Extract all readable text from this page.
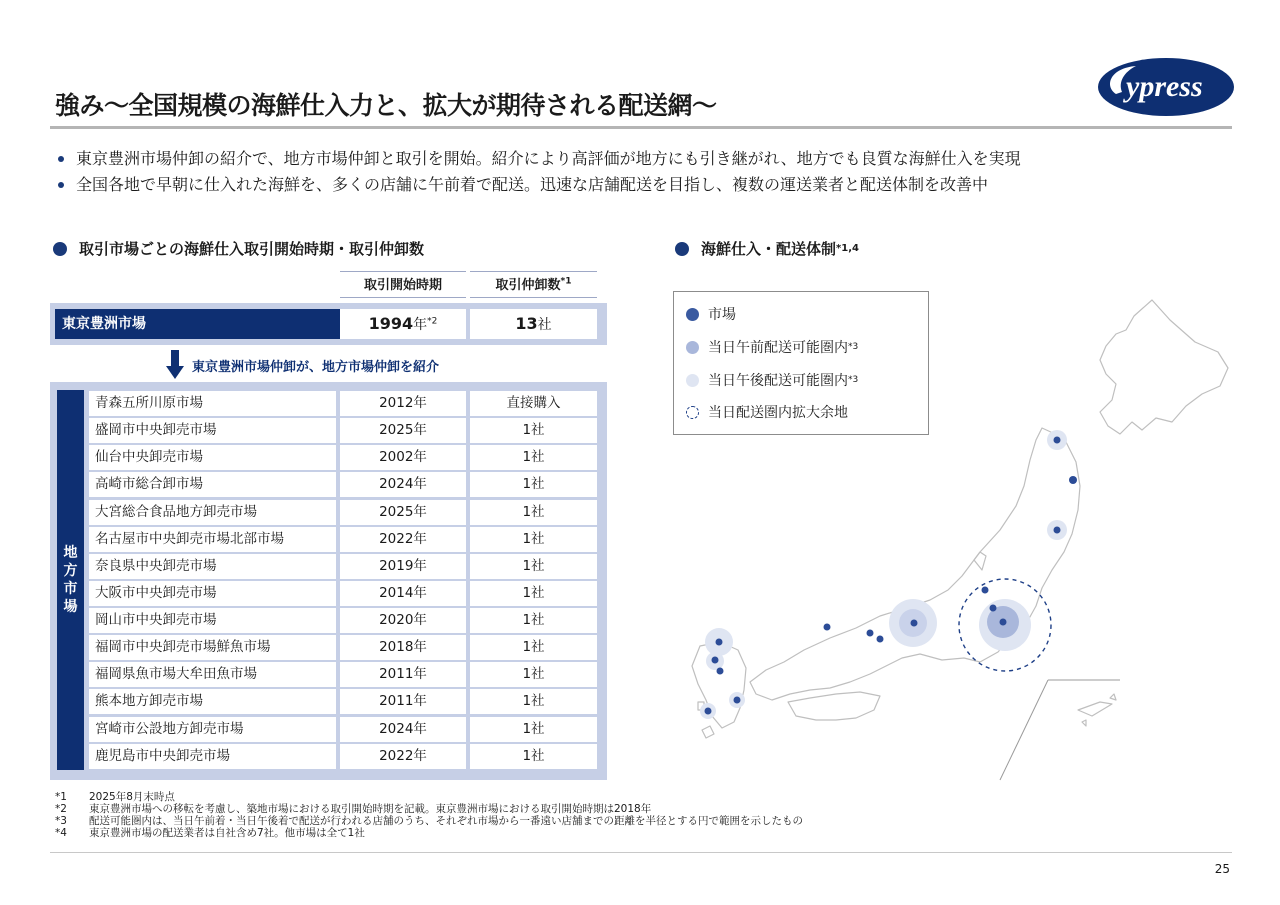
強み〜全国規模の海鮮仕入力と、拡大が期待される配送網〜
ypress
東京豊洲市場仲卸の紹介で、地方市場仲卸と取引を開始。紹介により高評価が地方にも引き継がれ、地方でも良質な海鮮仕入を実現
全国各地で早朝に仕入れた海鮮を、多くの店舗に午前着で配送。迅速な店舗配送を目指し、複数の運送業者と配送体制を改善中
取引市場ごとの海鮮仕入取引開始時期・取引仲卸数	海鮮仕入・配送体制 *1,4
取引開始時期	取引仲卸数$^{*1}$
東京豊洲市場	1994年$^{*2}$	13社
東京豊洲市場仲卸が、地方市場仲卸を紹介
地
方
市
場
青森五所川原市場	2012年	直接購入
盛岡市中央卸売市場	2025年	1社
仙台中央卸売市場	2002年	1社
高崎市総合卸市場	2024年	1社
大宮総合食品地方卸売市場	2025年	1社
名古屋市中央卸売市場北部市場	2022年	1社
奈良県中央卸売市場	2019年	1社
大阪市中央卸売市場	2014年	1社
岡山市中央卸売市場	2020年	1社
福岡市中央卸売市場鮮魚市場	2018年	1社
福岡県魚市場大牟田魚市場	2011年	1社
熊本地方卸売市場	2011年	1社
宮崎市公設地方卸売市場	2024年	1社
鹿児島市中央卸売市場	2022年	1社
市場
当日午前配送可能圏内 *3
当日午後配送可能圏内 *3
当日配送圏内拡大余地
*1	2025年8月末時点
*2	東京豊洲市場への移転を考慮し、築地市場における取引開始時期を記載。東京豊洲市場における取引開始時期は2018年
*3	配送可能圏内は、当日午前着・当日午後着で配送が行われる店舗のうち、それぞれ市場から一番遠い店舗までの距離を半径とする円で範囲を示したもの
*4	東京豊洲市場の配送業者は自社含め7社。他市場は全て1社
25
